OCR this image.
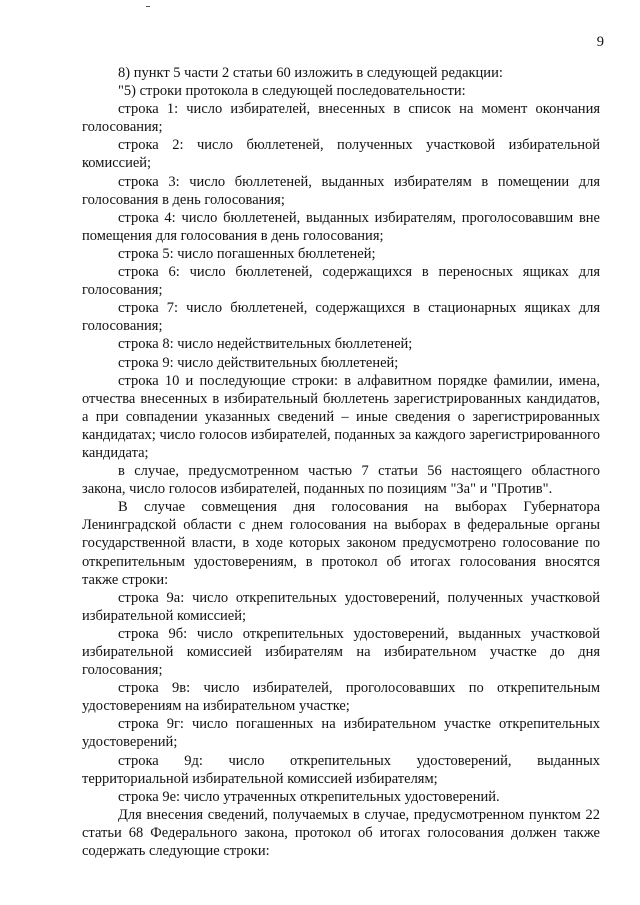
9

8) пункт 5 части 2 статьи 60 изложить в следующей редакции:

"5) строки протокола в следующей последовательности:

строка 1: число избирателей, внесенных в список на момент окончания голосования;

строка 2: число бюллетеней, полученных участковой избирательной комиссией;

строка 3: число бюллетеней, выданных избирателям в помещении для голосования в день голосования;

строка 4: число бюллетеней, выданных избирателям, проголосовавшим вне помещения для голосования в день голосования;

строка 5: число погашенных бюллетеней;

строка 6: число бюллетеней, содержащихся в переносных ящиках для голосования;

строка 7: число бюллетеней, содержащихся в стационарных ящиках для голосования;

строка 8: число недействительных бюллетеней;

строка 9: число действительных бюллетеней;

строка 10 и последующие строки: в алфавитном порядке фамилии, имена, отчества внесенных в избирательный бюллетень зарегистрированных кандидатов, а при совпадении указанных сведений – иные сведения о зарегистрированных кандидатах; число голосов избирателей, поданных за каждого зарегистрированного кандидата;

в случае, предусмотренном частью 7 статьи 56 настоящего областного закона, число голосов избирателей, поданных по позициям "За" и "Против".

В случае совмещения дня голосования на выборах Губернатора Ленинградской области с днем голосования на выборах в федеральные органы государственной власти, в ходе которых законом предусмотрено голосование по открепительным удостоверениям, в протокол об итогах голосования вносятся также строки:

строка 9а: число открепительных удостоверений, полученных участковой избирательной комиссией;

строка 9б: число открепительных удостоверений, выданных участковой избирательной комиссией избирателям на избирательном участке до дня голосования;

строка 9в: число избирателей, проголосовавших по открепительным удостоверениям на избирательном участке;

строка 9г: число погашенных на избирательном участке открепительных удостоверений;

строка 9д: число открепительных удостоверений, выданных территориальной избирательной комиссией избирателям;

строка 9е: число утраченных открепительных удостоверений.

Для внесения сведений, получаемых в случае, предусмотренном пунктом 22 статьи 68 Федерального закона, протокол об итогах голосования должен также содержать следующие строки:
